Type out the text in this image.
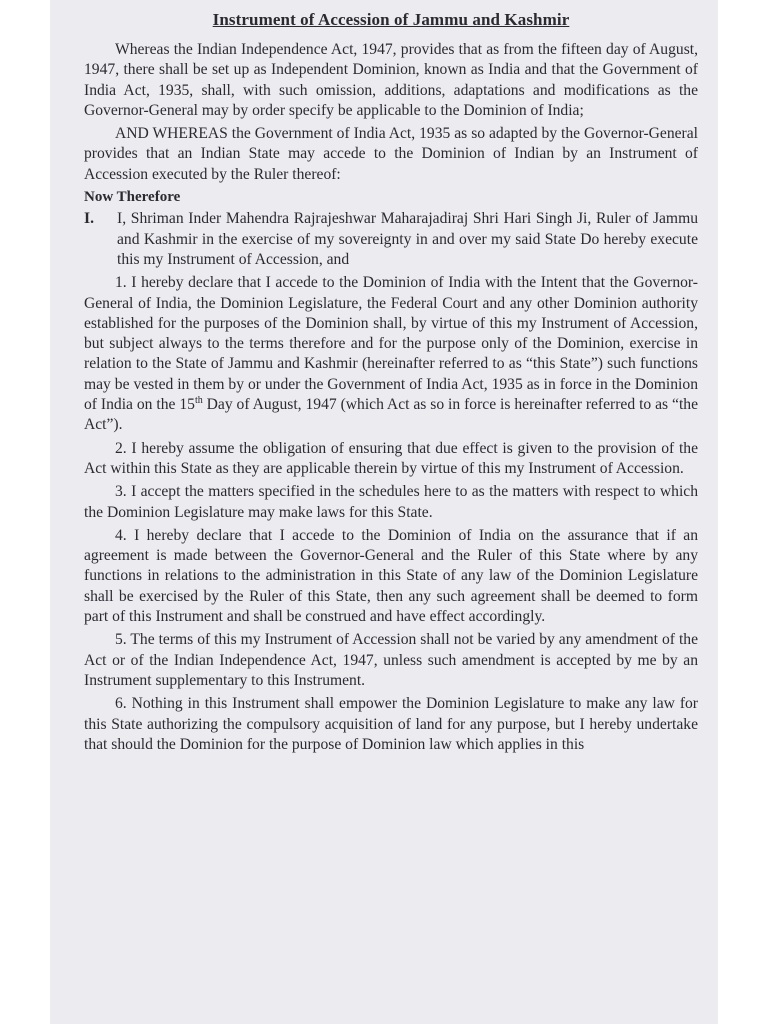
Instrument of Accession of Jammu and Kashmir

Whereas the Indian Independence Act, 1947, provides that as from the fifteen day of August, 1947, there shall be set up as Independent Dominion, known as India and that the Government of India Act, 1935, shall, with such omission, additions, adaptations and modifications as the Governor-General may by order specify be applicable to the Dominion of India;

AND WHEREAS the Government of India Act, 1935 as so adapted by the Governor-General provides that an Indian State may accede to the Dominion of Indian by an Instrument of Accession executed by the Ruler thereof:

Now Therefore
I.	I, Shriman Inder Mahendra Rajrajeshwar Maharajadiraj Shri Hari Singh Ji, Ruler of Jammu and Kashmir in the exercise of my sovereignty in and over my said State Do hereby execute this my Instrument of Accession, and

1. I hereby declare that I accede to the Dominion of India with the Intent that the Governor-General of India, the Dominion Legislature, the Federal Court and any other Dominion authority established for the purposes of the Dominion shall, by virtue of this my Instrument of Accession, but subject always to the terms therefore and for the purpose only of the Dominion, exercise in relation to the State of Jammu and Kashmir (hereinafter referred to as “this State”) such functions may be vested in them by or under the Government of India Act, 1935 as in force in the Dominion of India on the 15th Day of August, 1947 (which Act as so in force is hereinafter referred to as “the Act”).

2. I hereby assume the obligation of ensuring that due effect is given to the provision of the Act within this State as they are applicable therein by virtue of this my Instrument of Accession.

3. I accept the matters specified in the schedules here to as the matters with respect to which the Dominion Legislature may make laws for this State.

4. I hereby declare that I accede to the Dominion of India on the assurance that if an agreement is made between the Governor-General and the Ruler of this State where by any functions in relations to the administration in this State of any law of the Dominion Legislature shall be exercised by the Ruler of this State, then any such agreement shall be deemed to form part of this Instrument and shall be construed and have effect accordingly.

5. The terms of this my Instrument of Accession shall not be varied by any amendment of the Act or of the Indian Independence Act, 1947, unless such amendment is accepted by me by an Instrument supplementary to this Instrument.

6. Nothing in this Instrument shall empower the Dominion Legislature to make any law for this State authorizing the compulsory acquisition of land for any purpose, but I hereby undertake that should the Dominion for the purpose of Dominion law which applies in this
